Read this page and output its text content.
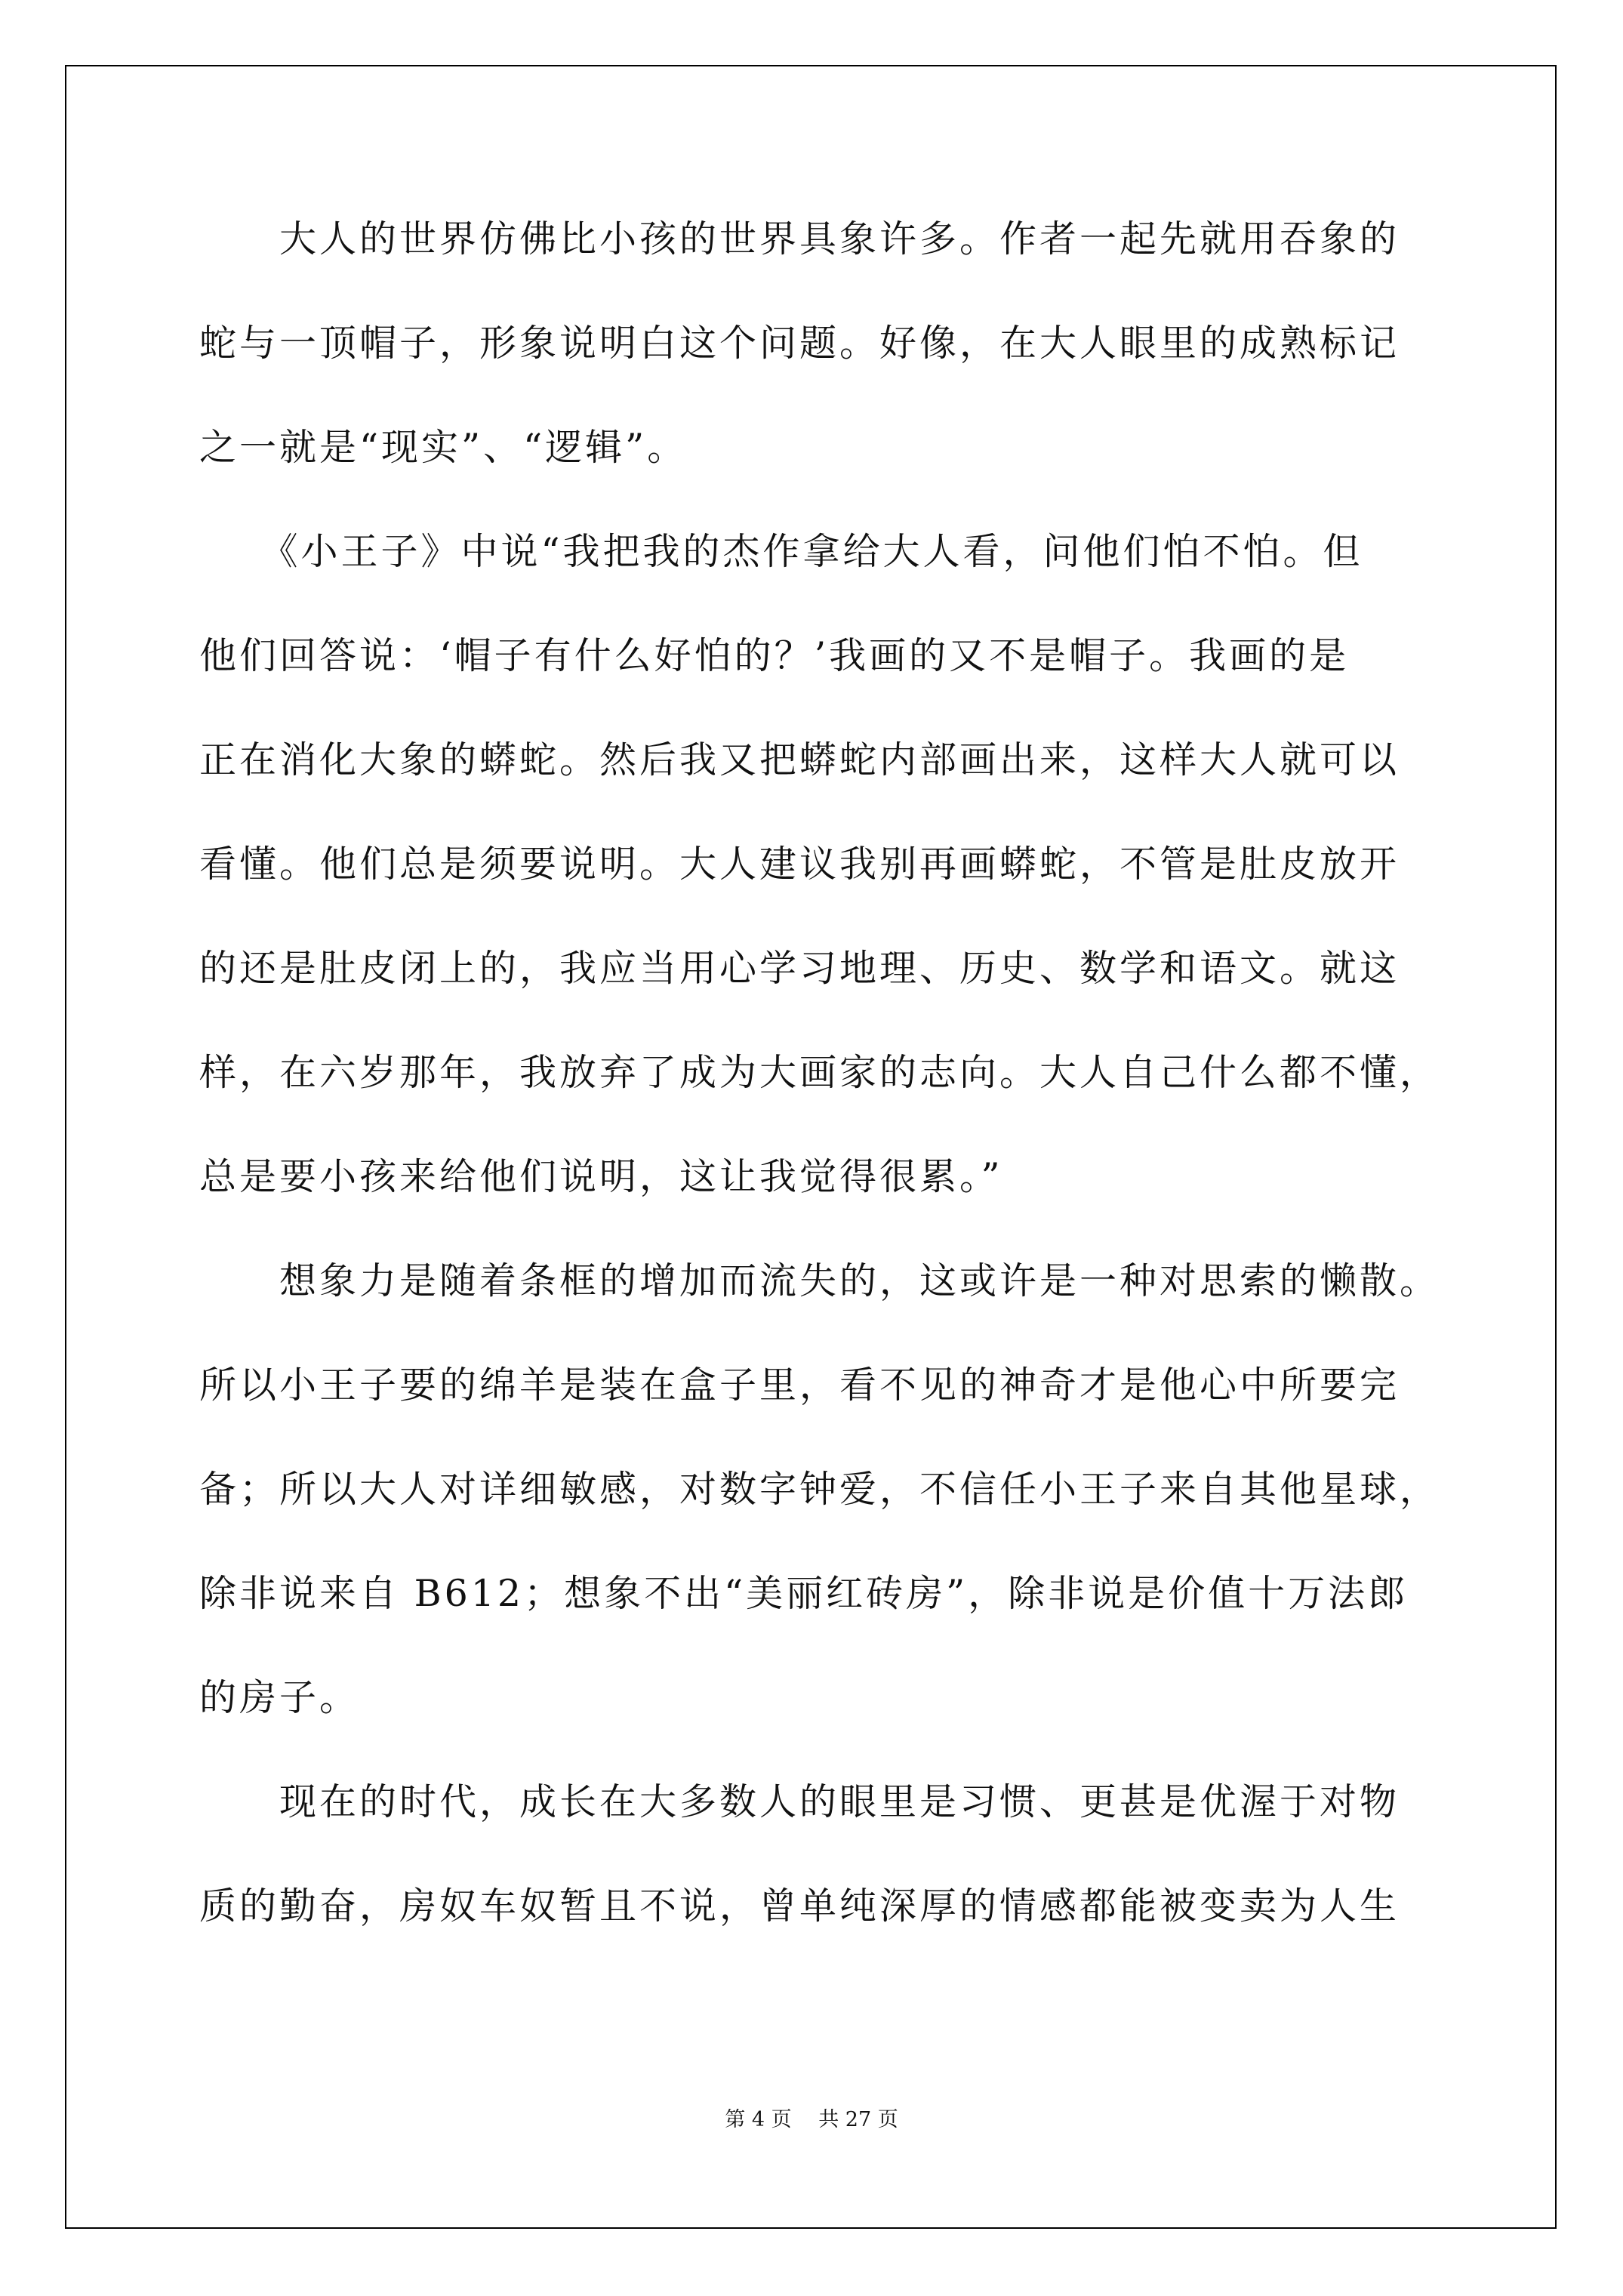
　　大人的世界仿佛比小孩的世界具象许多。作者一起先就用吞象的
蛇与一顶帽子，形象说明白这个问题。好像，在大人眼里的成熟标记
之一就是“现实”、“逻辑”。
　　《小王子》中说“我把我的杰作拿给大人看，问他们怕不怕。但
他们回答说：‘帽子有什么好怕的？’我画的又不是帽子。我画的是
正在消化大象的蟒蛇。然后我又把蟒蛇内部画出来，这样大人就可以
看懂。他们总是须要说明。大人建议我别再画蟒蛇，不管是肚皮放开
的还是肚皮闭上的，我应当用心学习地理、历史、数学和语文。就这
样，在六岁那年，我放弃了成为大画家的志向。大人自己什么都不懂，
总是要小孩来给他们说明，这让我觉得很累。”
　　想象力是随着条框的增加而流失的，这或许是一种对思索的懒散。
所以小王子要的绵羊是装在盒子里，看不见的神奇才是他心中所要完
备；所以大人对详细敏感，对数字钟爱，不信任小王子来自其他星球，
除非说来自 B612；想象不出“美丽红砖房”，除非说是价值十万法郎
的房子。
　　现在的时代，成长在大多数人的眼里是习惯、更甚是优渥于对物
质的勤奋，房奴车奴暂且不说，曾单纯深厚的情感都能被变卖为人生
第 4 页　 共 27 页
